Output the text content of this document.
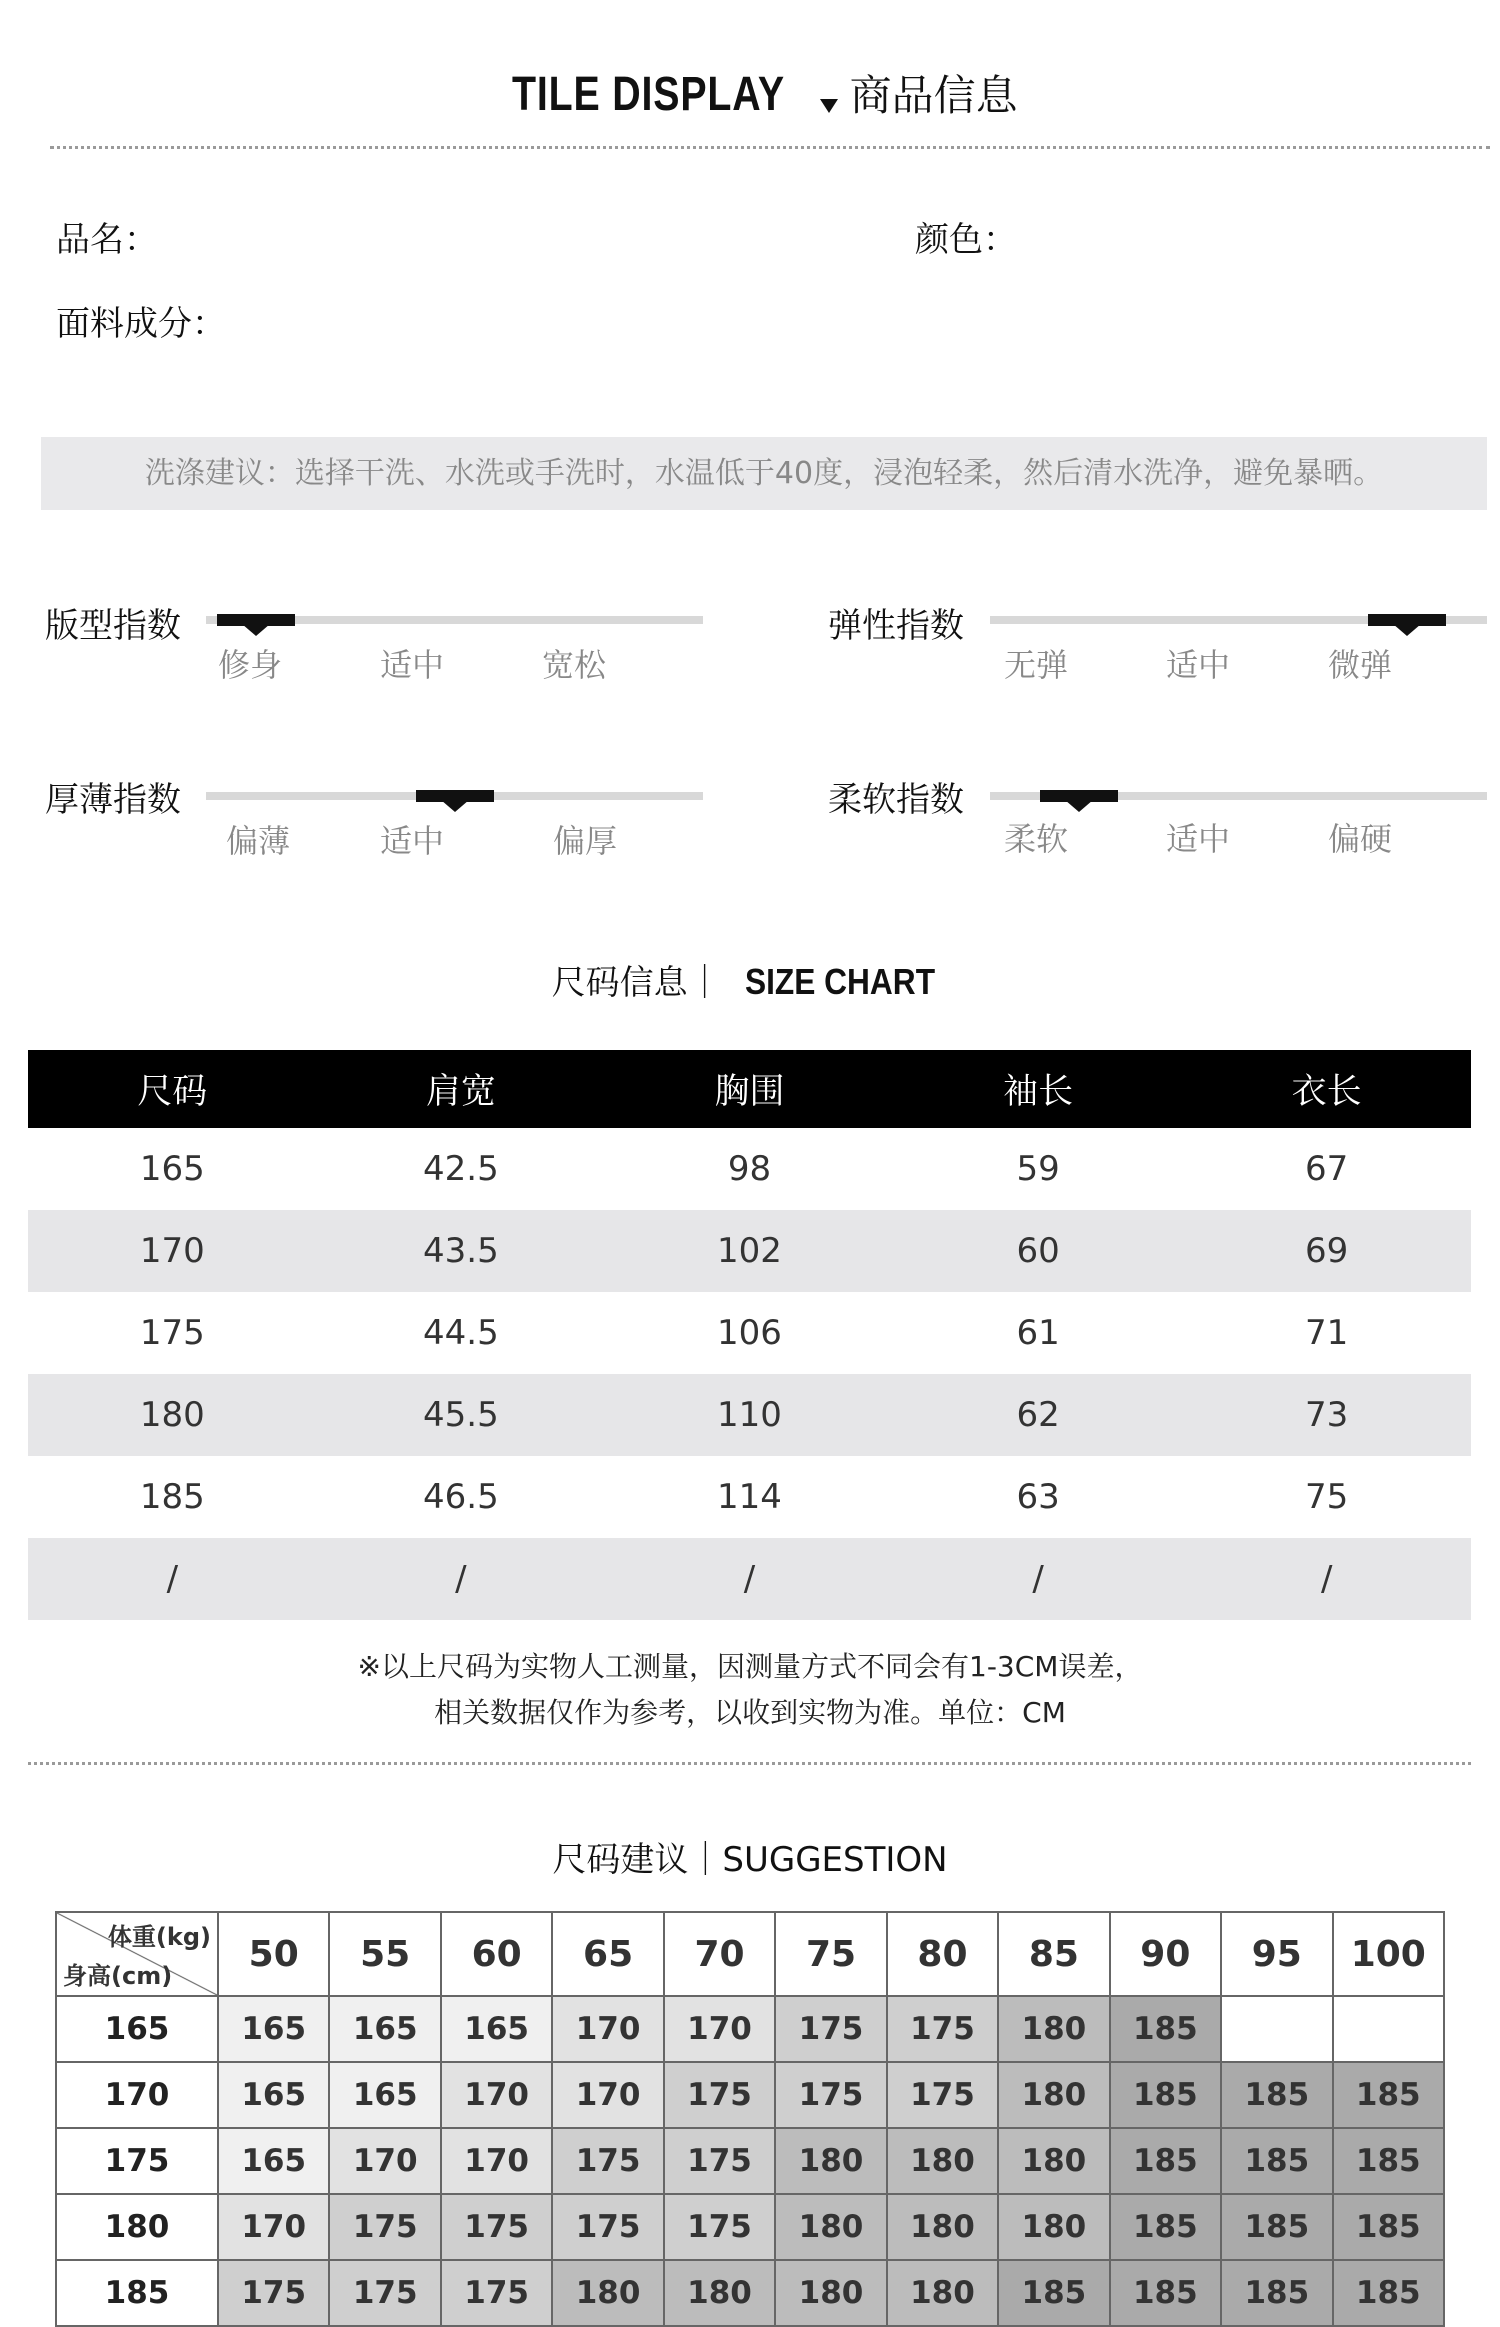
TILE DISPLAY 商品信息
品名：	颜色：
面料成分：
洗涤建议：选择干洗、水洗或手洗时，水温低于40度，浸泡轻柔，然后清水洗净，避免暴晒。
版型指数
修身	适中	宽松
弹性指数
无弹	适中	微弹
厚薄指数
偏薄	适中	偏厚
柔软指数
柔软	适中	偏硬
尺码信息｜ SIZE CHART
尺码	肩宽	胸围	袖长	衣长
165	42.5	98	59	67
170	43.5	102	60	69
175	44.5	106	61	71
180	45.5	110	62	73
185	46.5	114	63	75
/	/	/	/	/
※以上尺码为实物人工测量，因测量方式不同会有1-3CM误差，
相关数据仅作为参考，以收到实物为准。单位：CM
尺码建议｜SUGGESTION
体重(kg)
身高(cm)	50	55	60	65	70	75	80	85	90	95	100
165	165	165	165	170	170	175	175	180	185		
170	165	165	170	170	175	175	175	180	185	185	185
175	165	170	170	175	175	180	180	180	185	185	185
180	170	175	175	175	175	180	180	180	185	185	185
185	175	175	175	180	180	180	180	185	185	185	185
